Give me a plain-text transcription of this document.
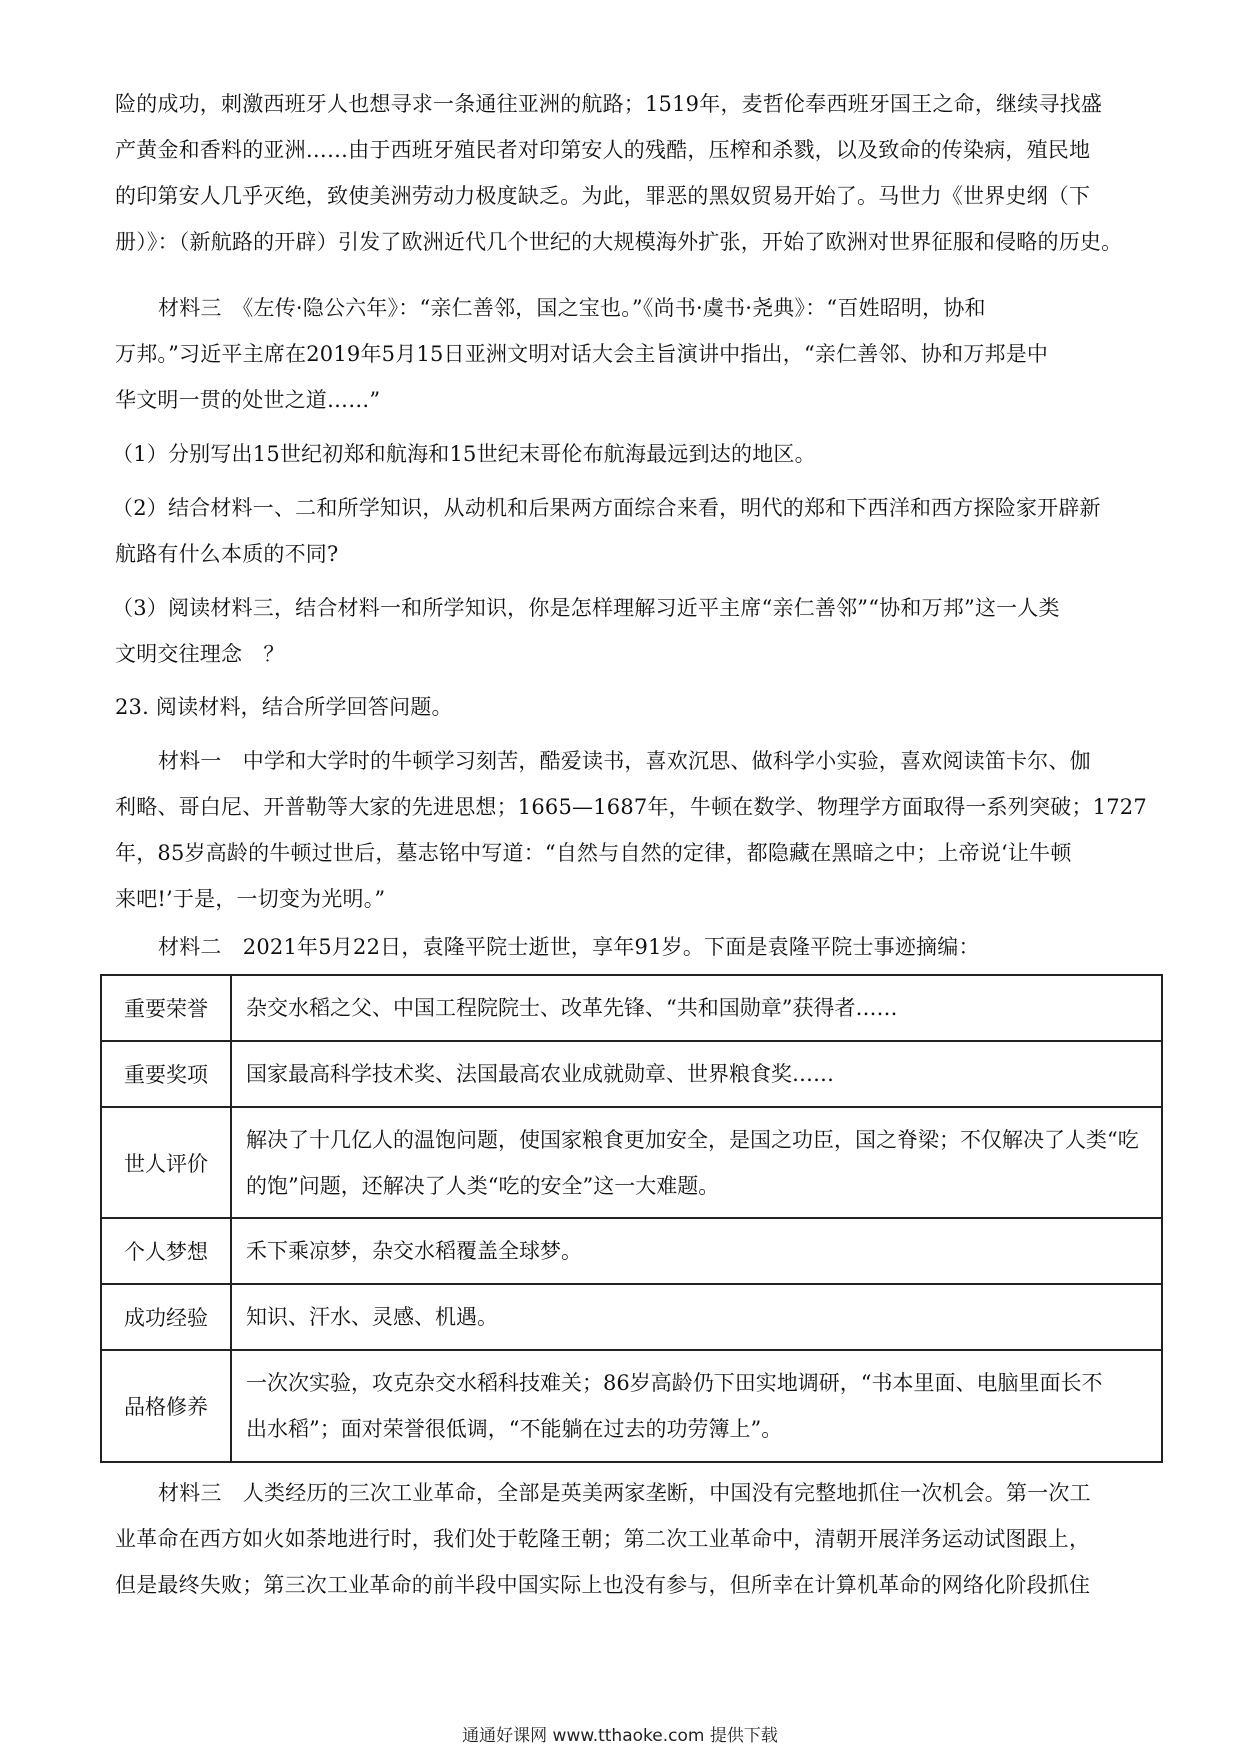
险的成功，刺激西班牙人也想寻求一条通往亚洲的航路；1519年，麦哲伦奉西班牙国王之命，继续寻找盛
产黄金和香料的亚洲……由于西班牙殖民者对印第安人的残酷，压榨和杀戮，以及致命的传染病，殖民地
的印第安人几乎灭绝，致使美洲劳动力极度缺乏。为此，罪恶的黑奴贸易开始了。马世力《世界史纲（下
册）》：（新航路的开辟）引发了欧洲近代几个世纪的大规模海外扩张，开始了欧洲对世界征服和侵略的历史。
材料三　《左传·隐公六年》：“亲仁善邻，国之宝也。”《尚书·虞书·尧典》：“百姓昭明，协和
万邦。”习近平主席在2019年5月15日亚洲文明对话大会主旨演讲中指出，“亲仁善邻、协和万邦是中
华文明一贯的处世之道……”
（1）分别写出15世纪初郑和航海和15世纪末哥伦布航海最远到达的地区。
（2）结合材料一、二和所学知识，从动机和后果两方面综合来看，明代的郑和下西洋和西方探险家开辟新
航路有什么本质的不同?
（3）阅读材料三，结合材料一和所学知识，你是怎样理解习近平主席“亲仁善邻”“协和万邦”这一人类
文明交往理念　？
23. 阅读材料，结合所学回答问题。
材料一　中学和大学时的牛顿学习刻苦，酷爱读书，喜欢沉思、做科学小实验，喜欢阅读笛卡尔、伽
利略、哥白尼、开普勒等大家的先进思想；1665—1687年，牛顿在数学、物理学方面取得一系列突破；1727
年，85岁高龄的牛顿过世后，墓志铭中写道：“自然与自然的定律，都隐藏在黑暗之中；上帝说‘让牛顿
来吧!’于是，一切变为光明。”
材料二　2021年5月22日，袁隆平院士逝世，享年91岁。下面是袁隆平院士事迹摘编：
重要荣誉	杂交水稻之父、中国工程院院士、改革先锋、“共和国勋章”获得者……

重要奖项	国家最高科学技术奖、法国最高农业成就勋章、世界粮食奖……

世人评价	解决了十几亿人的温饱问题，使国家粮食更加安全，是国之功臣，国之脊梁；不仅解决了人类“吃
的饱”问题，还解决了人类“吃的安全”这一大难题。

个人梦想	禾下乘凉梦，杂交水稻覆盖全球梦。

成功经验	知识、汗水、灵感、机遇。

品格修养	一次次实验，攻克杂交水稻科技难关；86岁高龄仍下田实地调研，“书本里面、电脑里面长不
出水稻”；面对荣誉很低调，“不能躺在过去的功劳簿上”。
材料三　人类经历的三次工业革命，全部是英美两家垄断，中国没有完整地抓住一次机会。第一次工
业革命在西方如火如荼地进行时，我们处于乾隆王朝；第二次工业革命中，清朝开展洋务运动试图跟上，
但是最终失败；第三次工业革命的前半段中国实际上也没有参与，但所幸在计算机革命的网络化阶段抓住
通通好课网 www.tthaoke.com 提供下载
